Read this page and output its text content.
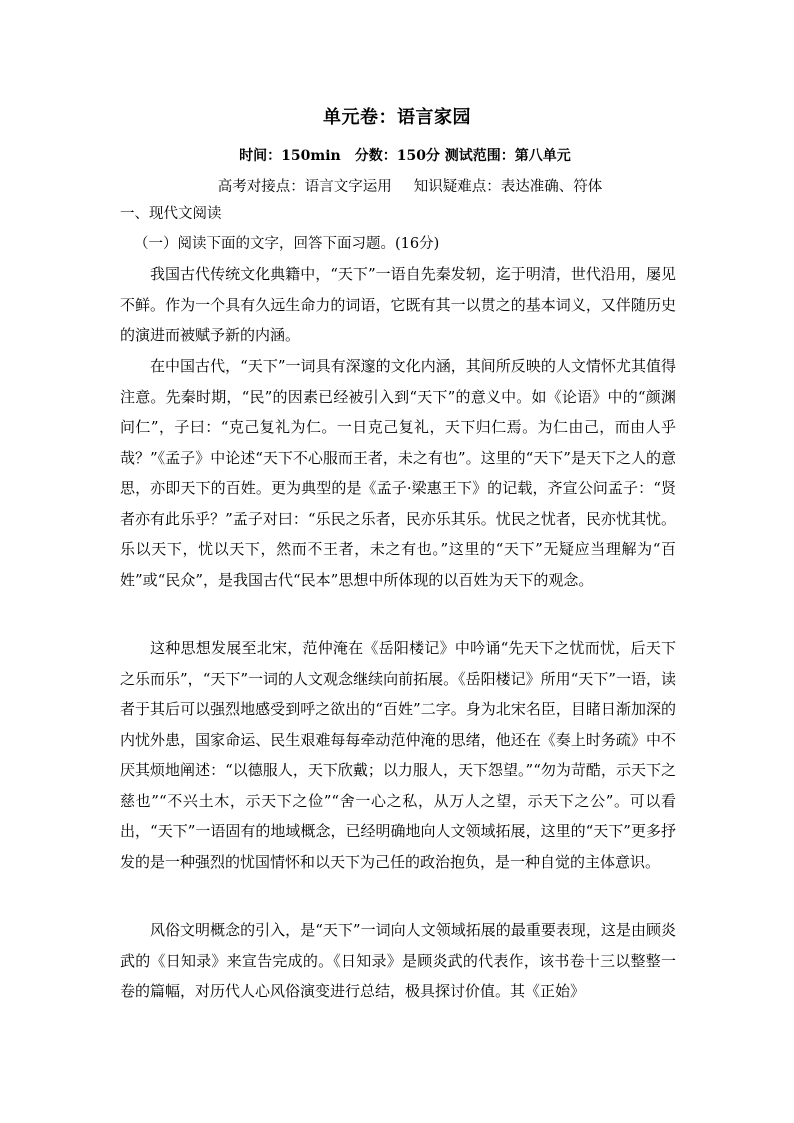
单元卷：语言家园
时间：150min　分数：150分 测试范围：第八单元
高考对接点：语言文字运用 知识疑难点：表达准确、符体
一、现代文阅读
（一）阅读下面的文字，回答下面习题。(16分)

我国古代传统文化典籍中，“天下”一语自先秦发轫，迄于明清，世代沿用，屡见不鲜。作为一个具有久远生命力的词语，它既有其一以贯之的基本词义，又伴随历史的演进而被赋予新的内涵。

在中国古代，“天下”一词具有深邃的文化内涵，其间所反映的人文情怀尤其值得注意。先秦时期，“民”的因素已经被引入到“天下”的意义中。如《论语》中的“颜渊问仁”，子曰：“克己复礼为仁。一日克己复礼，天下归仁焉。为仁由己，而由人乎哉？”《孟子》中论述“天下不心服而王者，未之有也”。这里的“天下”是天下之人的意思，亦即天下的百姓。更为典型的是《孟子·梁惠王下》的记载，齐宣公问孟子：“贤者亦有此乐乎？”孟子对曰：“乐民之乐者，民亦乐其乐。忧民之忧者，民亦忧其忧。乐以天下，忧以天下，然而不王者，未之有也。”这里的“天下”无疑应当理解为“百姓”或“民众”，是我国古代“民本”思想中所体现的以百姓为天下的观念。

这种思想发展至北宋，范仲淹在《岳阳楼记》中吟诵“先天下之忧而忧，后天下之乐而乐”，“天下”一词的人文观念继续向前拓展。《岳阳楼记》所用“天下”一语，读者于其后可以强烈地感受到呼之欲出的“百姓”二字。身为北宋名臣，目睹日渐加深的内忧外患，国家命运、民生艰难每每牵动范仲淹的思绪，他还在《奏上时务疏》中不厌其烦地阐述：“以德服人，天下欣戴；以力服人，天下怨望。”“勿为苛酷，示天下之慈也”“不兴土木，示天下之俭”“舍一心之私，从万人之望，示天下之公”。可以看出，“天下”一语固有的地域概念，已经明确地向人文领域拓展，这里的“天下”更多抒发的是一种强烈的忧国情怀和以天下为己任的政治抱负，是一种自觉的主体意识。

风俗文明概念的引入，是“天下”一词向人文领域拓展的最重要表现，这是由顾炎武的《日知录》来宣告完成的。《日知录》是顾炎武的代表作，该书卷十三以整整一卷的篇幅，对历代人心风俗演变进行总结，极具探讨价值。其《正始》
